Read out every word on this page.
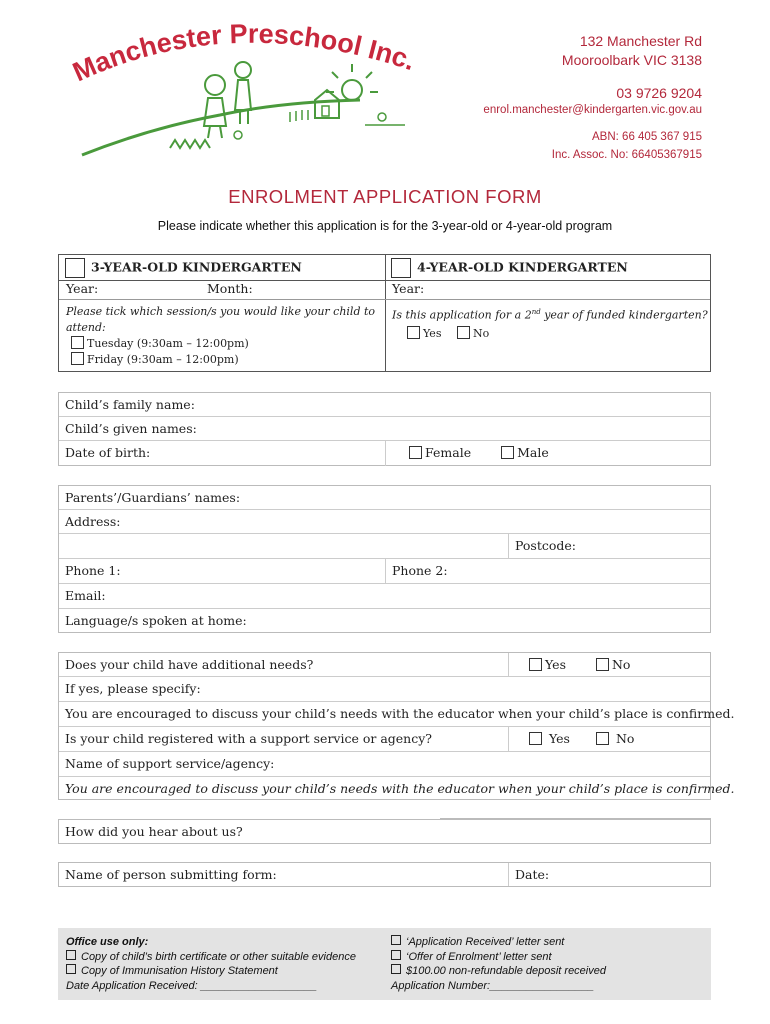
Manchester Preschool Inc.
132 Manchester Rd
Mooroolbark VIC 3138
03 9726 9204
enrol.manchester@kindergarten.vic.gov.au
ABN: 66 405 367 915
Inc. Assoc. No: 66405367915
ENROLMENT APPLICATION FORM
Please indicate whether this application is for the 3-year-old or 4-year-old program
3-YEAR-OLD KINDERGARTEN
Year:	Month:
Please tick which session/s you would like your child to attend:
Tuesday (9:30am – 12:00pm)
Friday (9:30am – 12:00pm)
4-YEAR-OLD KINDERGARTEN
Year:
Is this application for a 2nd year of funded kindergarten?
Yes	No
Child’s family name:
Child’s given names:
Date of birth:	Female	Male
Parents’/Guardians’ names:
Address:
Postcode:
Phone 1:	Phone 2:
Email:
Language/s spoken at home:
Does your child have additional needs?	Yes	No
If yes, please specify:
You are encouraged to discuss your child’s needs with the educator when your child’s place is confirmed.
Is your child registered with a support service or agency?	Yes	No
Name of support service/agency:
You are encouraged to discuss your child’s needs with the educator when your child’s place is confirmed.
How did you hear about us?
Name of person submitting form:	Date:
Office use only:
Copy of child’s birth certificate or other suitable evidence
Copy of Immunisation History Statement
Date Application Received: ___________________
‘Application Received’ letter sent
‘Offer of Enrolment’ letter sent
$100.00 non-refundable deposit received
Application Number:_________________
